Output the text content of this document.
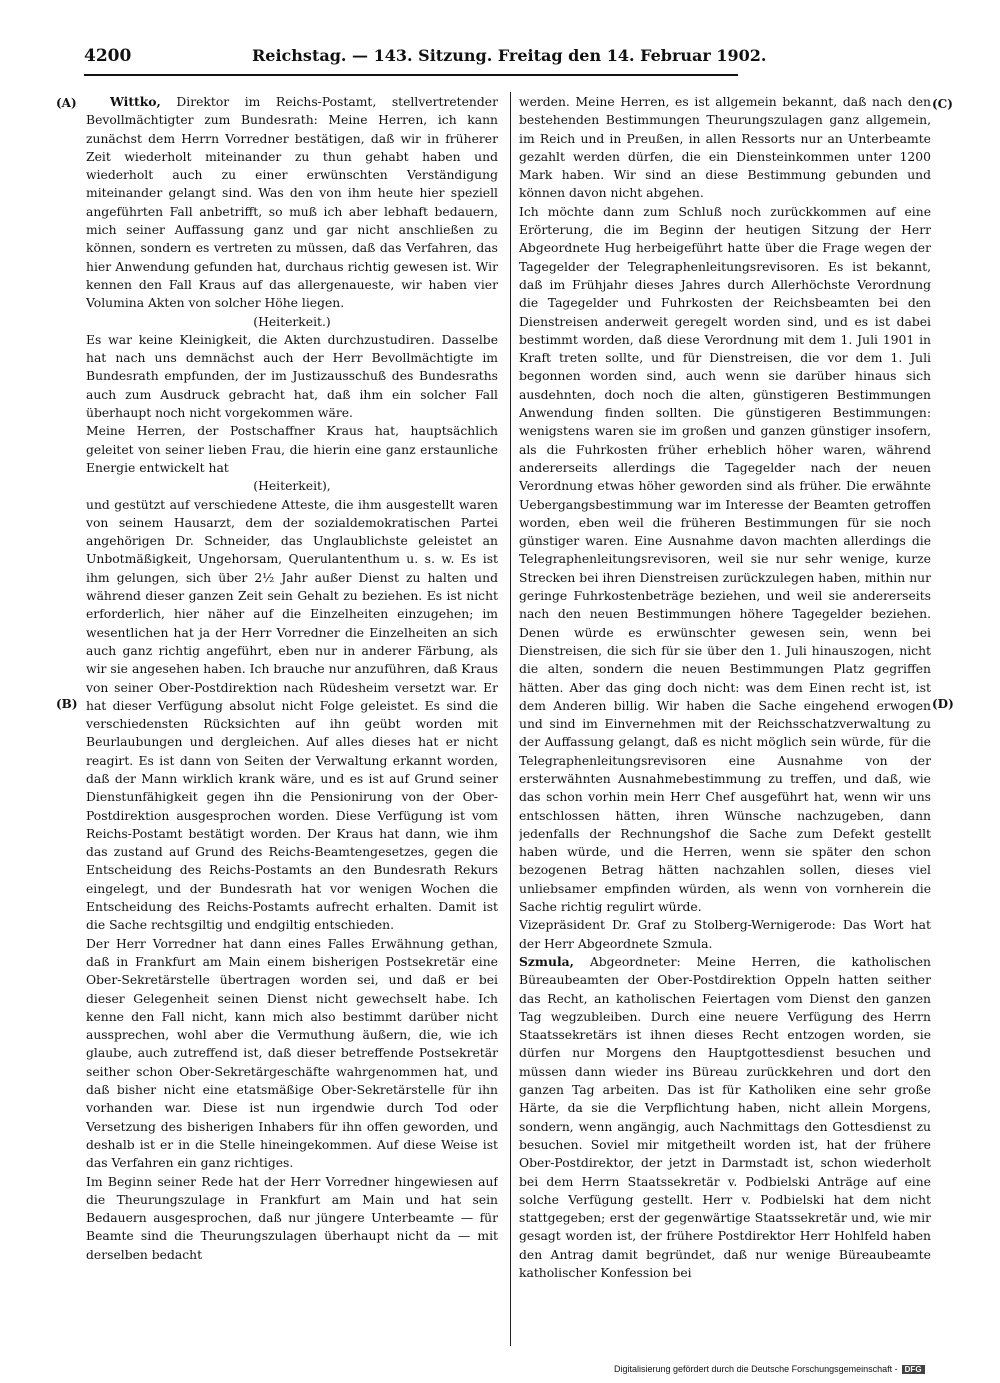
4200	Reichstag. — 143. Sitzung. Freitag den 14. Februar 1902.
(A)
(B)
(C)
(D)

Wittko, Direktor im Reichs-Postamt, stellvertretender Bevollmächtigter zum Bundesrath: Meine Herren, ich kann zunächst dem Herrn Vorredner bestätigen, daß wir in früherer Zeit wiederholt miteinander zu thun gehabt haben und wiederholt auch zu einer erwünschten Verständigung miteinander gelangt sind. Was den von ihm heute hier speziell angeführten Fall anbetrifft, so muß ich aber lebhaft bedauern, mich seiner Auffassung ganz und gar nicht anschließen zu können, sondern es vertreten zu müssen, daß das Verfahren, das hier Anwendung gefunden hat, durchaus richtig gewesen ist. Wir kennen den Fall Kraus auf das allergenaueste, wir haben vier Volumina Akten von solcher Höhe liegen.

(Heiterkeit.)

Es war keine Kleinigkeit, die Akten durchzustudiren. Dasselbe hat nach uns demnächst auch der Herr Bevollmächtigte im Bundesrath empfunden, der im Justizausschuß des Bundesraths auch zum Ausdruck gebracht hat, daß ihm ein solcher Fall überhaupt noch nicht vorgekommen wäre.

Meine Herren, der Postschaffner Kraus hat, hauptsächlich geleitet von seiner lieben Frau, die hierin eine ganz erstaunliche Energie entwickelt hat

(Heiterkeit),

und gestützt auf verschiedene Atteste, die ihm ausgestellt waren von seinem Hausarzt, dem der sozialdemokratischen Partei angehörigen Dr. Schneider, das Unglaublichste geleistet an Unbotmäßigkeit, Ungehorsam, Querulantenthum u. s. w. Es ist ihm gelungen, sich über 2½ Jahr außer Dienst zu halten und während dieser ganzen Zeit sein Gehalt zu beziehen. Es ist nicht erforderlich, hier näher auf die Einzelheiten einzugehen; im wesentlichen hat ja der Herr Vorredner die Einzelheiten an sich auch ganz richtig angeführt, eben nur in anderer Färbung, als wir sie angesehen haben. Ich brauche nur anzuführen, daß Kraus von seiner Ober-Postdirektion nach Rüdesheim versetzt war. Er hat dieser Verfügung absolut nicht Folge geleistet. Es sind die verschiedensten Rücksichten auf ihn geübt worden mit Beurlaubungen und dergleichen. Auf alles dieses hat er nicht reagirt. Es ist dann von Seiten der Verwaltung erkannt worden, daß der Mann wirklich krank wäre, und es ist auf Grund seiner Dienstunfähigkeit gegen ihn die Pensionirung von der Ober-Postdirektion ausgesprochen worden. Diese Verfügung ist vom Reichs-Postamt bestätigt worden. Der Kraus hat dann, wie ihm das zustand auf Grund des Reichs-Beamtengesetzes, gegen die Entscheidung des Reichs-Postamts an den Bundesrath Rekurs eingelegt, und der Bundesrath hat vor wenigen Wochen die Entscheidung des Reichs-Postamts aufrecht erhalten. Damit ist die Sache rechtsgiltig und endgiltig entschieden.

Der Herr Vorredner hat dann eines Falles Erwähnung gethan, daß in Frankfurt am Main einem bisherigen Postsekretär eine Ober-Sekretärstelle übertragen worden sei, und daß er bei dieser Gelegenheit seinen Dienst nicht gewechselt habe. Ich kenne den Fall nicht, kann mich also bestimmt darüber nicht aussprechen, wohl aber die Vermuthung äußern, die, wie ich glaube, auch zutreffend ist, daß dieser betreffende Postsekretär seither schon Ober-Sekretärgeschäfte wahrgenommen hat, und daß bisher nicht eine etatsmäßige Ober-Sekretärstelle für ihn vorhanden war. Diese ist nun irgendwie durch Tod oder Versetzung des bisherigen Inhabers für ihn offen geworden, und deshalb ist er in die Stelle hineingekommen. Auf diese Weise ist das Verfahren ein ganz richtiges.

Im Beginn seiner Rede hat der Herr Vorredner hingewiesen auf die Theurungszulage in Frankfurt am Main und hat sein Bedauern ausgesprochen, daß nur jüngere Unterbeamte — für Beamte sind die Theurungszulagen überhaupt nicht da — mit derselben bedacht

werden. Meine Herren, es ist allgemein bekannt, daß nach den bestehenden Bestimmungen Theurungszulagen ganz allgemein, im Reich und in Preußen, in allen Ressorts nur an Unterbeamte gezahlt werden dürfen, die ein Diensteinkommen unter 1200 Mark haben. Wir sind an diese Bestimmung gebunden und können davon nicht abgehen.

Ich möchte dann zum Schluß noch zurückkommen auf eine Erörterung, die im Beginn der heutigen Sitzung der Herr Abgeordnete Hug herbeigeführt hatte über die Frage wegen der Tagegelder der Telegraphenleitungsrevisoren. Es ist bekannt, daß im Frühjahr dieses Jahres durch Allerhöchste Verordnung die Tagegelder und Fuhrkosten der Reichsbeamten bei den Dienstreisen anderweit geregelt worden sind, und es ist dabei bestimmt worden, daß diese Verordnung mit dem 1. Juli 1901 in Kraft treten sollte, und für Dienstreisen, die vor dem 1. Juli begonnen worden sind, auch wenn sie darüber hinaus sich ausdehnten, doch noch die alten, günstigeren Bestimmungen Anwendung finden sollten. Die günstigeren Bestimmungen: wenigstens waren sie im großen und ganzen günstiger insofern, als die Fuhrkosten früher erheblich höher waren, während andererseits allerdings die Tagegelder nach der neuen Verordnung etwas höher geworden sind als früher. Die erwähnte Uebergangsbestimmung war im Interesse der Beamten getroffen worden, eben weil die früheren Bestimmungen für sie noch günstiger waren. Eine Ausnahme davon machten allerdings die Telegraphenleitungsrevisoren, weil sie nur sehr wenige, kurze Strecken bei ihren Dienstreisen zurückzulegen haben, mithin nur geringe Fuhrkostenbeträge beziehen, und weil sie andererseits nach den neuen Bestimmungen höhere Tagegelder beziehen. Denen würde es erwünschter gewesen sein, wenn bei Dienstreisen, die sich für sie über den 1. Juli hinauszogen, nicht die alten, sondern die neuen Bestimmungen Platz gegriffen hätten. Aber das ging doch nicht: was dem Einen recht ist, ist dem Anderen billig. Wir haben die Sache eingehend erwogen und sind im Einvernehmen mit der Reichsschatzverwaltung zu der Auffassung gelangt, daß es nicht möglich sein würde, für die Telegraphenleitungsrevisoren eine Ausnahme von der ersterwähnten Ausnahmebestimmung zu treffen, und daß, wie das schon vorhin mein Herr Chef ausgeführt hat, wenn wir uns entschlossen hätten, ihren Wünsche nachzugeben, dann jedenfalls der Rechnungshof die Sache zum Defekt gestellt haben würde, und die Herren, wenn sie später den schon bezogenen Betrag hätten nachzahlen sollen, dieses viel unliebsamer empfinden würden, als wenn von vornherein die Sache richtig regulirt würde.

Vizepräsident Dr. Graf zu Stolberg-Wernigerode: Das Wort hat der Herr Abgeordnete Szmula.

Szmula, Abgeordneter: Meine Herren, die katholischen Büreaubeamten der Ober-Postdirektion Oppeln hatten seither das Recht, an katholischen Feiertagen vom Dienst den ganzen Tag wegzubleiben. Durch eine neuere Verfügung des Herrn Staatssekretärs ist ihnen dieses Recht entzogen worden, sie dürfen nur Morgens den Hauptgottesdienst besuchen und müssen dann wieder ins Büreau zurückkehren und dort den ganzen Tag arbeiten. Das ist für Katholiken eine sehr große Härte, da sie die Verpflichtung haben, nicht allein Morgens, sondern, wenn angängig, auch Nachmittags den Gottesdienst zu besuchen. Soviel mir mitgetheilt worden ist, hat der frühere Ober-Postdirektor, der jetzt in Darmstadt ist, schon wiederholt bei dem Herrn Staatssekretär v. Podbielski Anträge auf eine solche Verfügung gestellt. Herr v. Podbielski hat dem nicht stattgegeben; erst der gegenwärtige Staatssekretär und, wie mir gesagt worden ist, der frühere Postdirektor Herr Hohlfeld haben den Antrag damit begründet, daß nur wenige Büreaubeamte katholischer Konfession bei

Digitalisierung gefördert durch die Deutsche Forschungsgemeinschaft - DFG
